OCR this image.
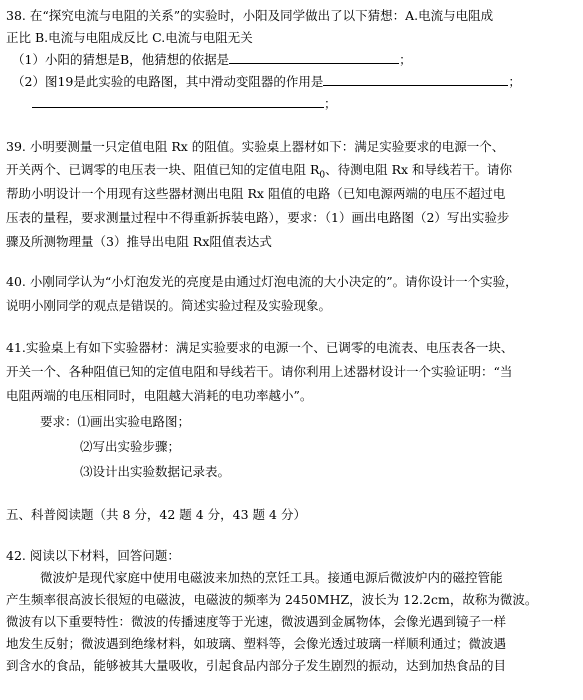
38. 在“探究电流与电阻的关系”的实验时，小阳及同学做出了以下猜想：A.电流与电阻成
正比 B.电流与电阻成反比 C.电流与电阻无关
（1）小阳的猜想是B，他猜想的依据是	；
（2）图19是此实验的电路图，其中滑动变阻器的作用是	；
；
39. 小明要测量一只定值电阻 Rx 的阻值。实验桌上器材如下：满足实验要求的电源一个、
开关两个、已调零的电压表一块、阻值已知的定值电阻 $R_0$、待测电阻 Rx 和导线若干。请你
帮助小明设计一个用现有这些器材测出电阻 Rx 阻值的电路（已知电源两端的电压不超过电
压表的量程，要求测量过程中不得重新拆装电路），要求：（1）画出电路图（2）写出实验步
骤及所测物理量（3）推导出电阻 Rx阻值表达式
40. 小刚同学认为“小灯泡发光的亮度是由通过灯泡电流的大小决定的”。请你设计一个实验，
说明小刚同学的观点是错误的。简述实验过程及实验现象。
41.实验桌上有如下实验器材：满足实验要求的电源一个、已调零的电流表、电压表各一块、
开关一个、各种阻值已知的定值电阻和导线若干。请你利用上述器材设计一个实验证明：“当
电阻两端的电压相同时，电阻越大消耗的电功率越小”。
要求：⑴画出实验电路图；
⑵写出实验步骤；
⑶设计出实验数据记录表。
五、科普阅读题（共 8 分，42 题 4 分，43 题 4 分）
42. 阅读以下材料，回答问题：
微波炉是现代家庭中使用电磁波来加热的烹饪工具。接通电源后微波炉内的磁控管能
产生频率很高波长很短的电磁波，电磁波的频率为 2450MHZ，波长为 12.2cm，故称为微波。
微波有以下重要特性：微波的传播速度等于光速，微波遇到金属物体，会像光遇到镜子一样
地发生反射；微波遇到绝缘材料，如玻璃、塑料等，会像光透过玻璃一样顺利通过；微波遇
到含水的食品，能够被其大量吸收，引起食品内部分子发生剧烈的振动，达到加热食品的目
